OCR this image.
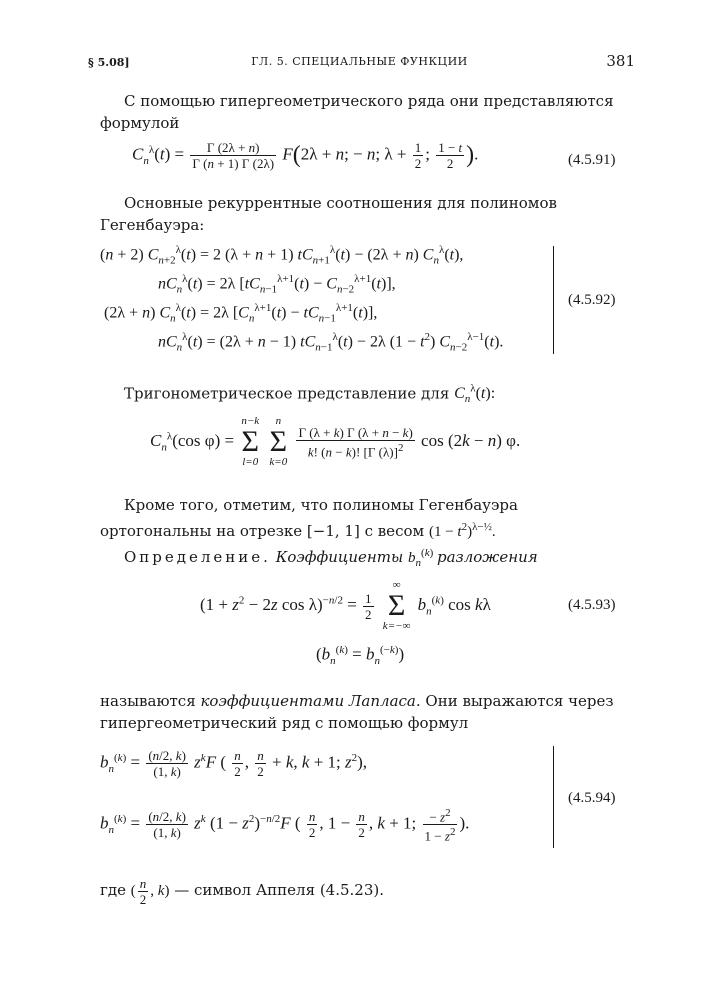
§ 5.08]	ГЛ. 5. СПЕЦИАЛЬНЫЕ ФУНКЦИИ	381
С помощью гипергеометрического ряда они представляются формулой
$C_n^\lambda(t) = \frac{\Gamma (2\lambda + n)}{\Gamma (n + 1) \Gamma (2\lambda)} F(2\lambda + n$; − n; $\lambda + \frac{1}{2}$ ; $\frac{1 - t}{2}$ ).	(4.5.91)
Основные рекуррентные соотношения для полиномов Гегенбауэра:
(n + 2) $C_{n+2}^\lambda(t) = 2$ (λ + n + 1) $tC_{n+1}^\lambda(t) - (2\lambda + n)$ $C_n^\lambda(t)$,
$nC_n^\lambda(t) = 2\lambda$ $[tC_{n-1}^{\lambda+1}(t) - C_{n-2}^{\lambda+1}(t)]$,
(2λ + n) $C_n^\lambda(t) = 2\lambda$ $[C_n^{\lambda+1}(t) - tC_{n-1}^{\lambda+1}(t)]$,
$nC_n^\lambda(t) = (2\lambda + n - 1) tC_{n-1}^\lambda(t) - 2\lambda$ $(1 - t^2)$ $C_{n-2}^{\lambda-1}(t)$.
(4.5.92)
Тригонометрическое представление для $C_n^\lambda(t)$:
$C_n^\lambda(\cos$ φ) =
n−k
Σ
l=0

n
Σ
k=0

$\frac{\Gamma (\lambda + k) \Gamma (\lambda + n - k)}{k! (n - k)! [\Gamma (\lambda)]^2}$ cos (2k − n) φ.
Кроме того, отметим, что полиномы Гегенбауэра ортогональны на отрезке [−1, 1] с весом $(1 - t^2)^{\lambda-\frac{1}{2}}$.
Определение. Коэффициенты $b_n^{(k)}$ разложения
($1 + z^2 - 2z$ $\cos \lambda)^{-n/2} = \frac{1}{2}$

∞
Σ
k=−∞
$b_n^{(k)}$ cos kλ	(4.5.93)
$(b_n^{(k)} = b_n^{(-k)})$
называются коэффициентами Лапласа. Они выражаются через гипергеометрический ряд с помощью формул
$b_n^{(k)} = \frac{(n/2, k)}{(1, k)} z^kF$ ( $\frac{n}{2}$ , $\frac{n}{2} + k$, k + 1; $z^2$),
$b_n^{(k)} = \frac{(n/2, k)}{(1, k)} z^k$ $(1 - z^2)^{-n/2}F$ ( $\frac{n}{2}$ , $1 - \frac{n}{2}$ , k + 1; $\frac{- z^2}{1 - z^2}$ ).
(4.5.94)
где ( $\frac{n}{2}$ , k) — символ Аппеля (4.5.23).
